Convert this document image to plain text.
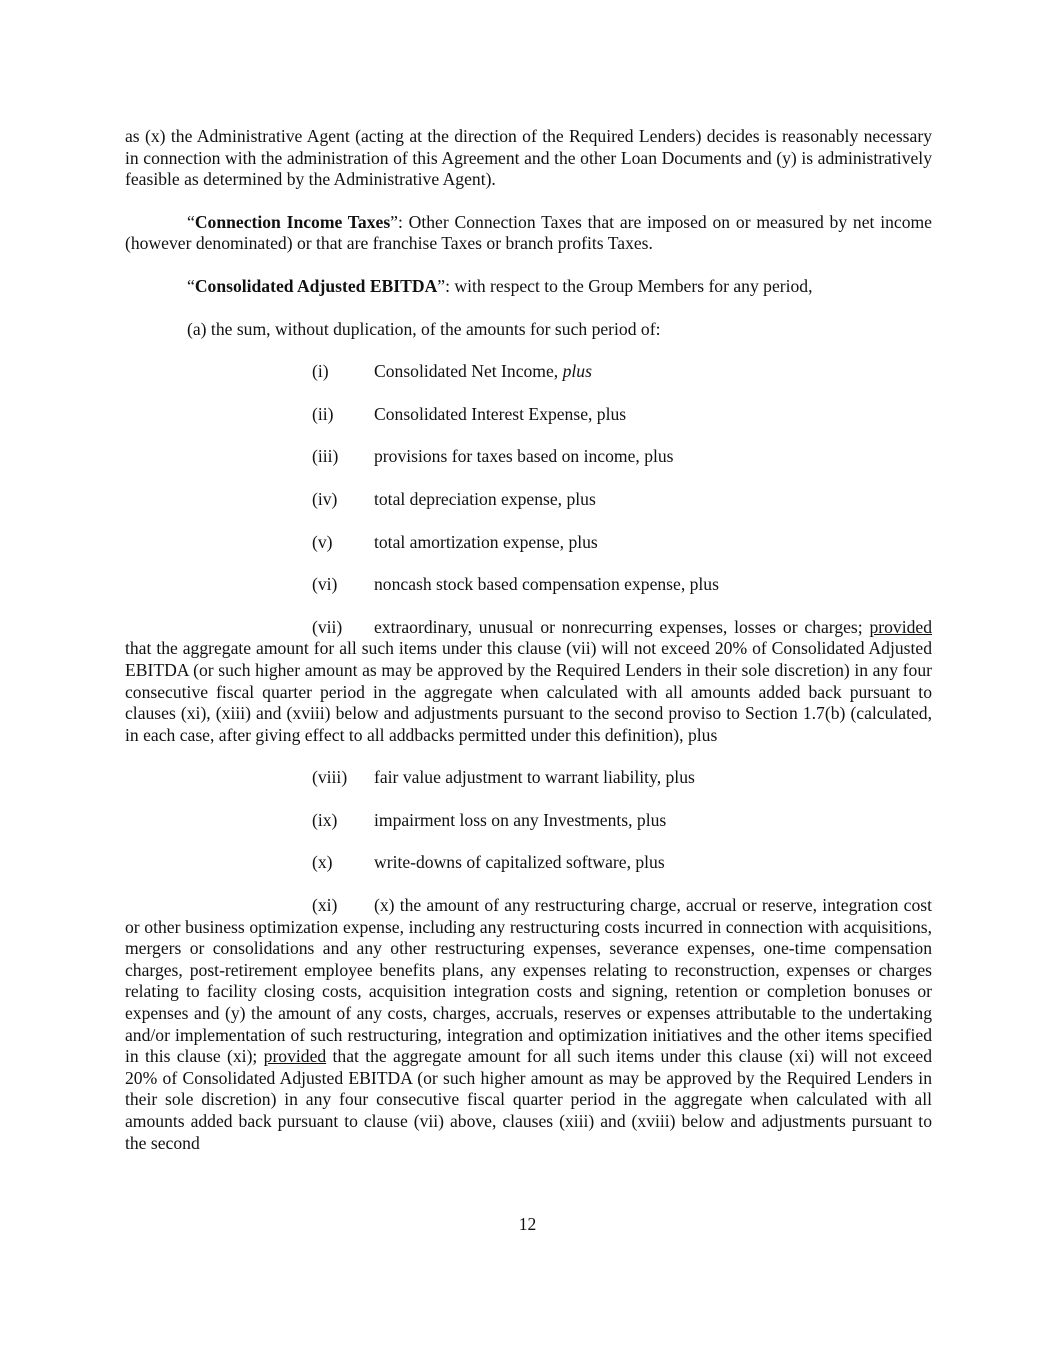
as (x) the Administrative Agent (acting at the direction of the Required Lenders) decides is reasonably necessary in connection with the administration of this Agreement and the other Loan Documents and (y) is administratively feasible as determined by the Administrative Agent).

“Connection Income Taxes”: Other Connection Taxes that are imposed on or measured by net income (however denominated) or that are franchise Taxes or branch profits Taxes.

“Consolidated Adjusted EBITDA”: with respect to the Group Members for any period,

(a) the sum, without duplication, of the amounts for such period of:

(i)	Consolidated Net Income, plus
(ii)	Consolidated Interest Expense, plus
(iii)	provisions for taxes based on income, plus
(iv)	total depreciation expense, plus
(v)	total amortization expense, plus
(vi)	noncash stock based compensation expense, plus

(vii) extraordinary, unusual or nonrecurring expenses, losses or charges; provided that the aggregate amount for all such items under this clause (vii) will not exceed 20% of Consolidated Adjusted EBITDA (or such higher amount as may be approved by the Required Lenders in their sole discretion) in any four consecutive fiscal quarter period in the aggregate when calculated with all amounts added back pursuant to clauses (xi), (xiii) and (xviii) below and adjustments pursuant to the second proviso to Section 1.7(b) (calculated, in each case, after giving effect to all addbacks permitted under this definition), plus

(viii)	fair value adjustment to warrant liability, plus
(ix)	impairment loss on any Investments, plus
(x)	write-downs of capitalized software, plus

(xi) (x) the amount of any restructuring charge, accrual or reserve, integration cost or other business optimization expense, including any restructuring costs incurred in connection with acquisitions, mergers or consolidations and any other restructuring expenses, severance expenses, one-time compensation charges, post-retirement employee benefits plans, any expenses relating to reconstruction, expenses or charges relating to facility closing costs, acquisition integration costs and signing, retention or completion bonuses or expenses and (y) the amount of any costs, charges, accruals, reserves or expenses attributable to the undertaking and/or implementation of such restructuring, integration and optimization initiatives and the other items specified in this clause (xi); provided that the aggregate amount for all such items under this clause (xi) will not exceed 20% of Consolidated Adjusted EBITDA (or such higher amount as may be approved by the Required Lenders in their sole discretion) in any four consecutive fiscal quarter period in the aggregate when calculated with all amounts added back pursuant to clause (vii) above, clauses (xiii) and (xviii) below and adjustments pursuant to the second

12
